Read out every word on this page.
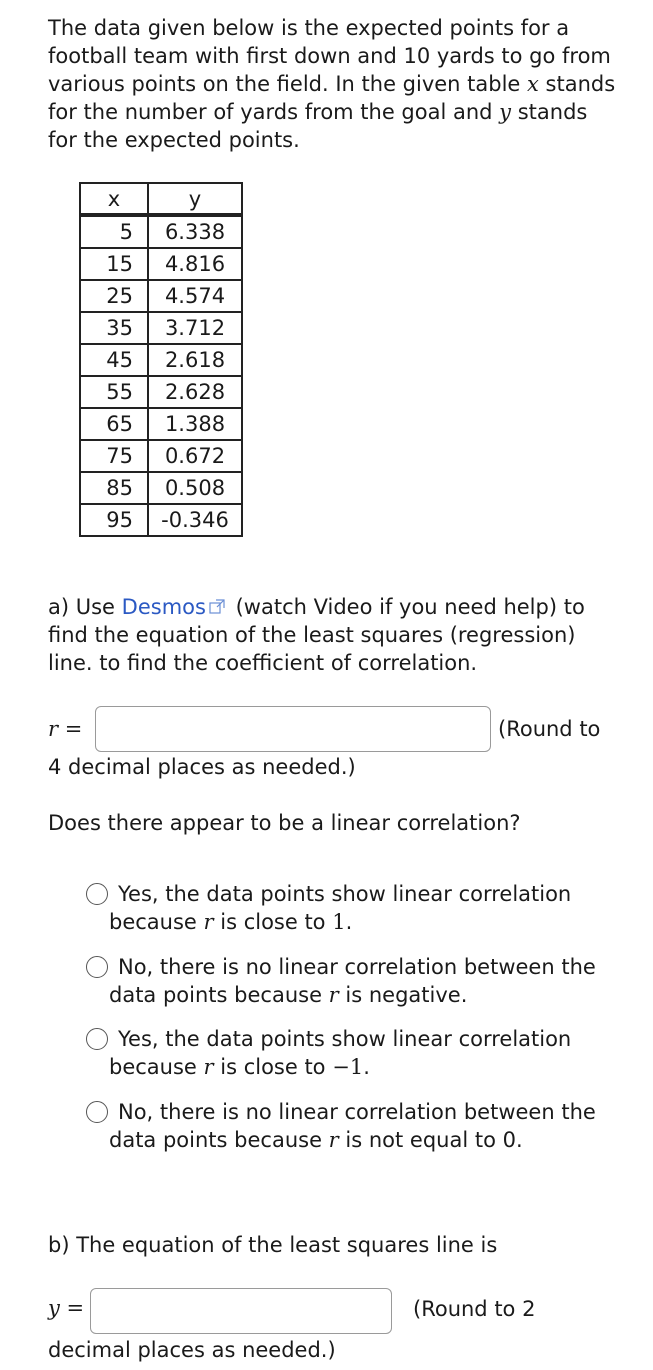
The data given below is the expected points for a football team with first down and 10 yards to go from various points on the field. In the given table x stands for the number of yards from the goal and y stands for the expected points.

x	y
5	6.338
15	4.816
25	4.574
35	3.712
45	2.618
55	2.628
65	1.388
75	0.672
85	0.508
95	-0.346

a) Use Desmos (watch Video if you need help) to find the equation of the least squares (regression) line. to find the coefficient of correlation.

r =	(Round to
4 decimal places as needed.)
Does there appear to be a linear correlation?
Yes, the data points show linear correlation
because r is close to 1.
No, there is no linear correlation between the
data points because r is negative.
Yes, the data points show linear correlation
because r is close to −1.
No, there is no linear correlation between the
data points because r is not equal to 0.
b) The equation of the least squares line is
y =	(Round to 2
decimal places as needed.)
